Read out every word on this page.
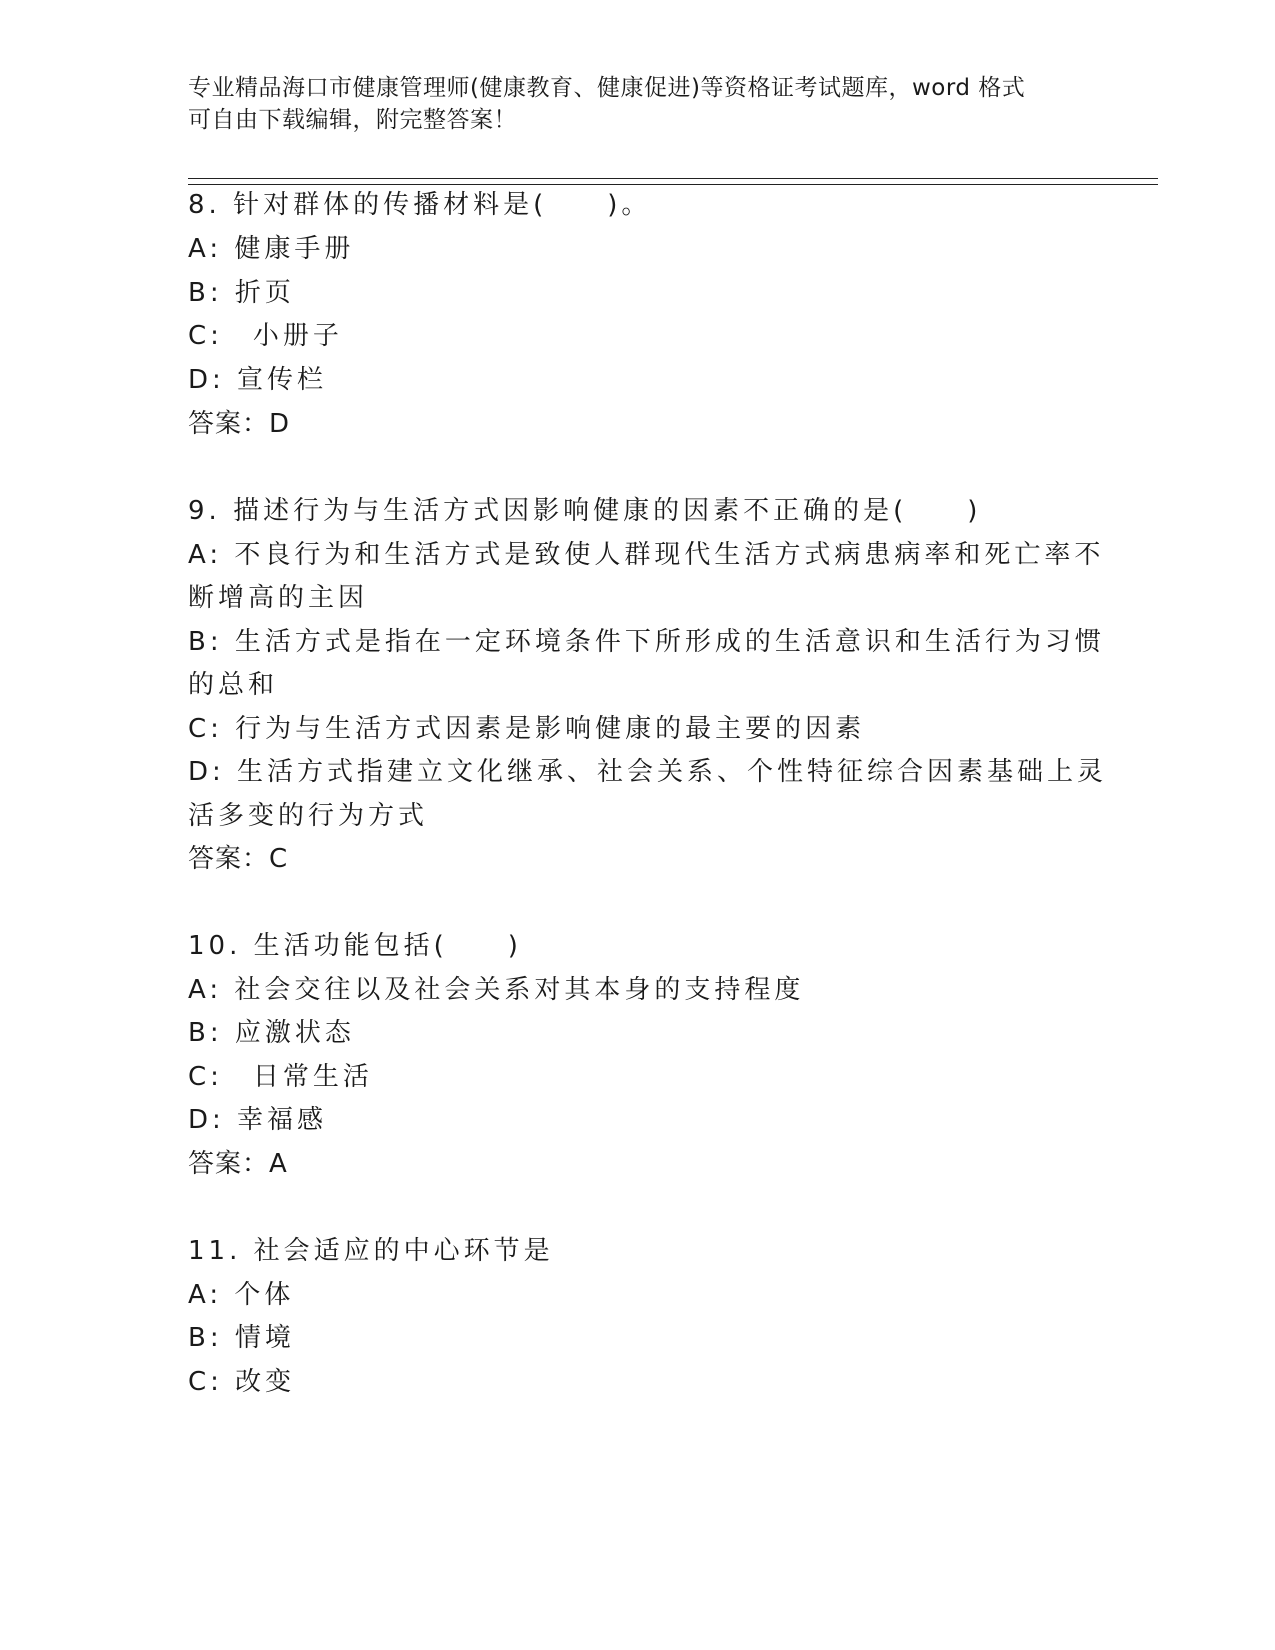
专业精品海口市健康管理师(健康教育、健康促进)等资格证考试题库，word 格式
可自由下载编辑，附完整答案！
8. 针对群体的传播材料是(　　)。
A: 健康手册
B: 折页
C:　小册子
D: 宣传栏
答案：D
9. 描述行为与生活方式因影响健康的因素不正确的是(　　)
A: 不良行为和生活方式是致使人群现代生活方式病患病率和死亡率不
断增高的主因
B: 生活方式是指在一定环境条件下所形成的生活意识和生活行为习惯
的总和
C: 行为与生活方式因素是影响健康的最主要的因素
D: 生活方式指建立文化继承、社会关系、个性特征综合因素基础上灵
活多变的行为方式
答案：C
10. 生活功能包括(　　)
A: 社会交往以及社会关系对其本身的支持程度
B: 应激状态
C:　日常生活
D: 幸福感
答案：A
11. 社会适应的中心环节是
A: 个体
B: 情境
C: 改变
